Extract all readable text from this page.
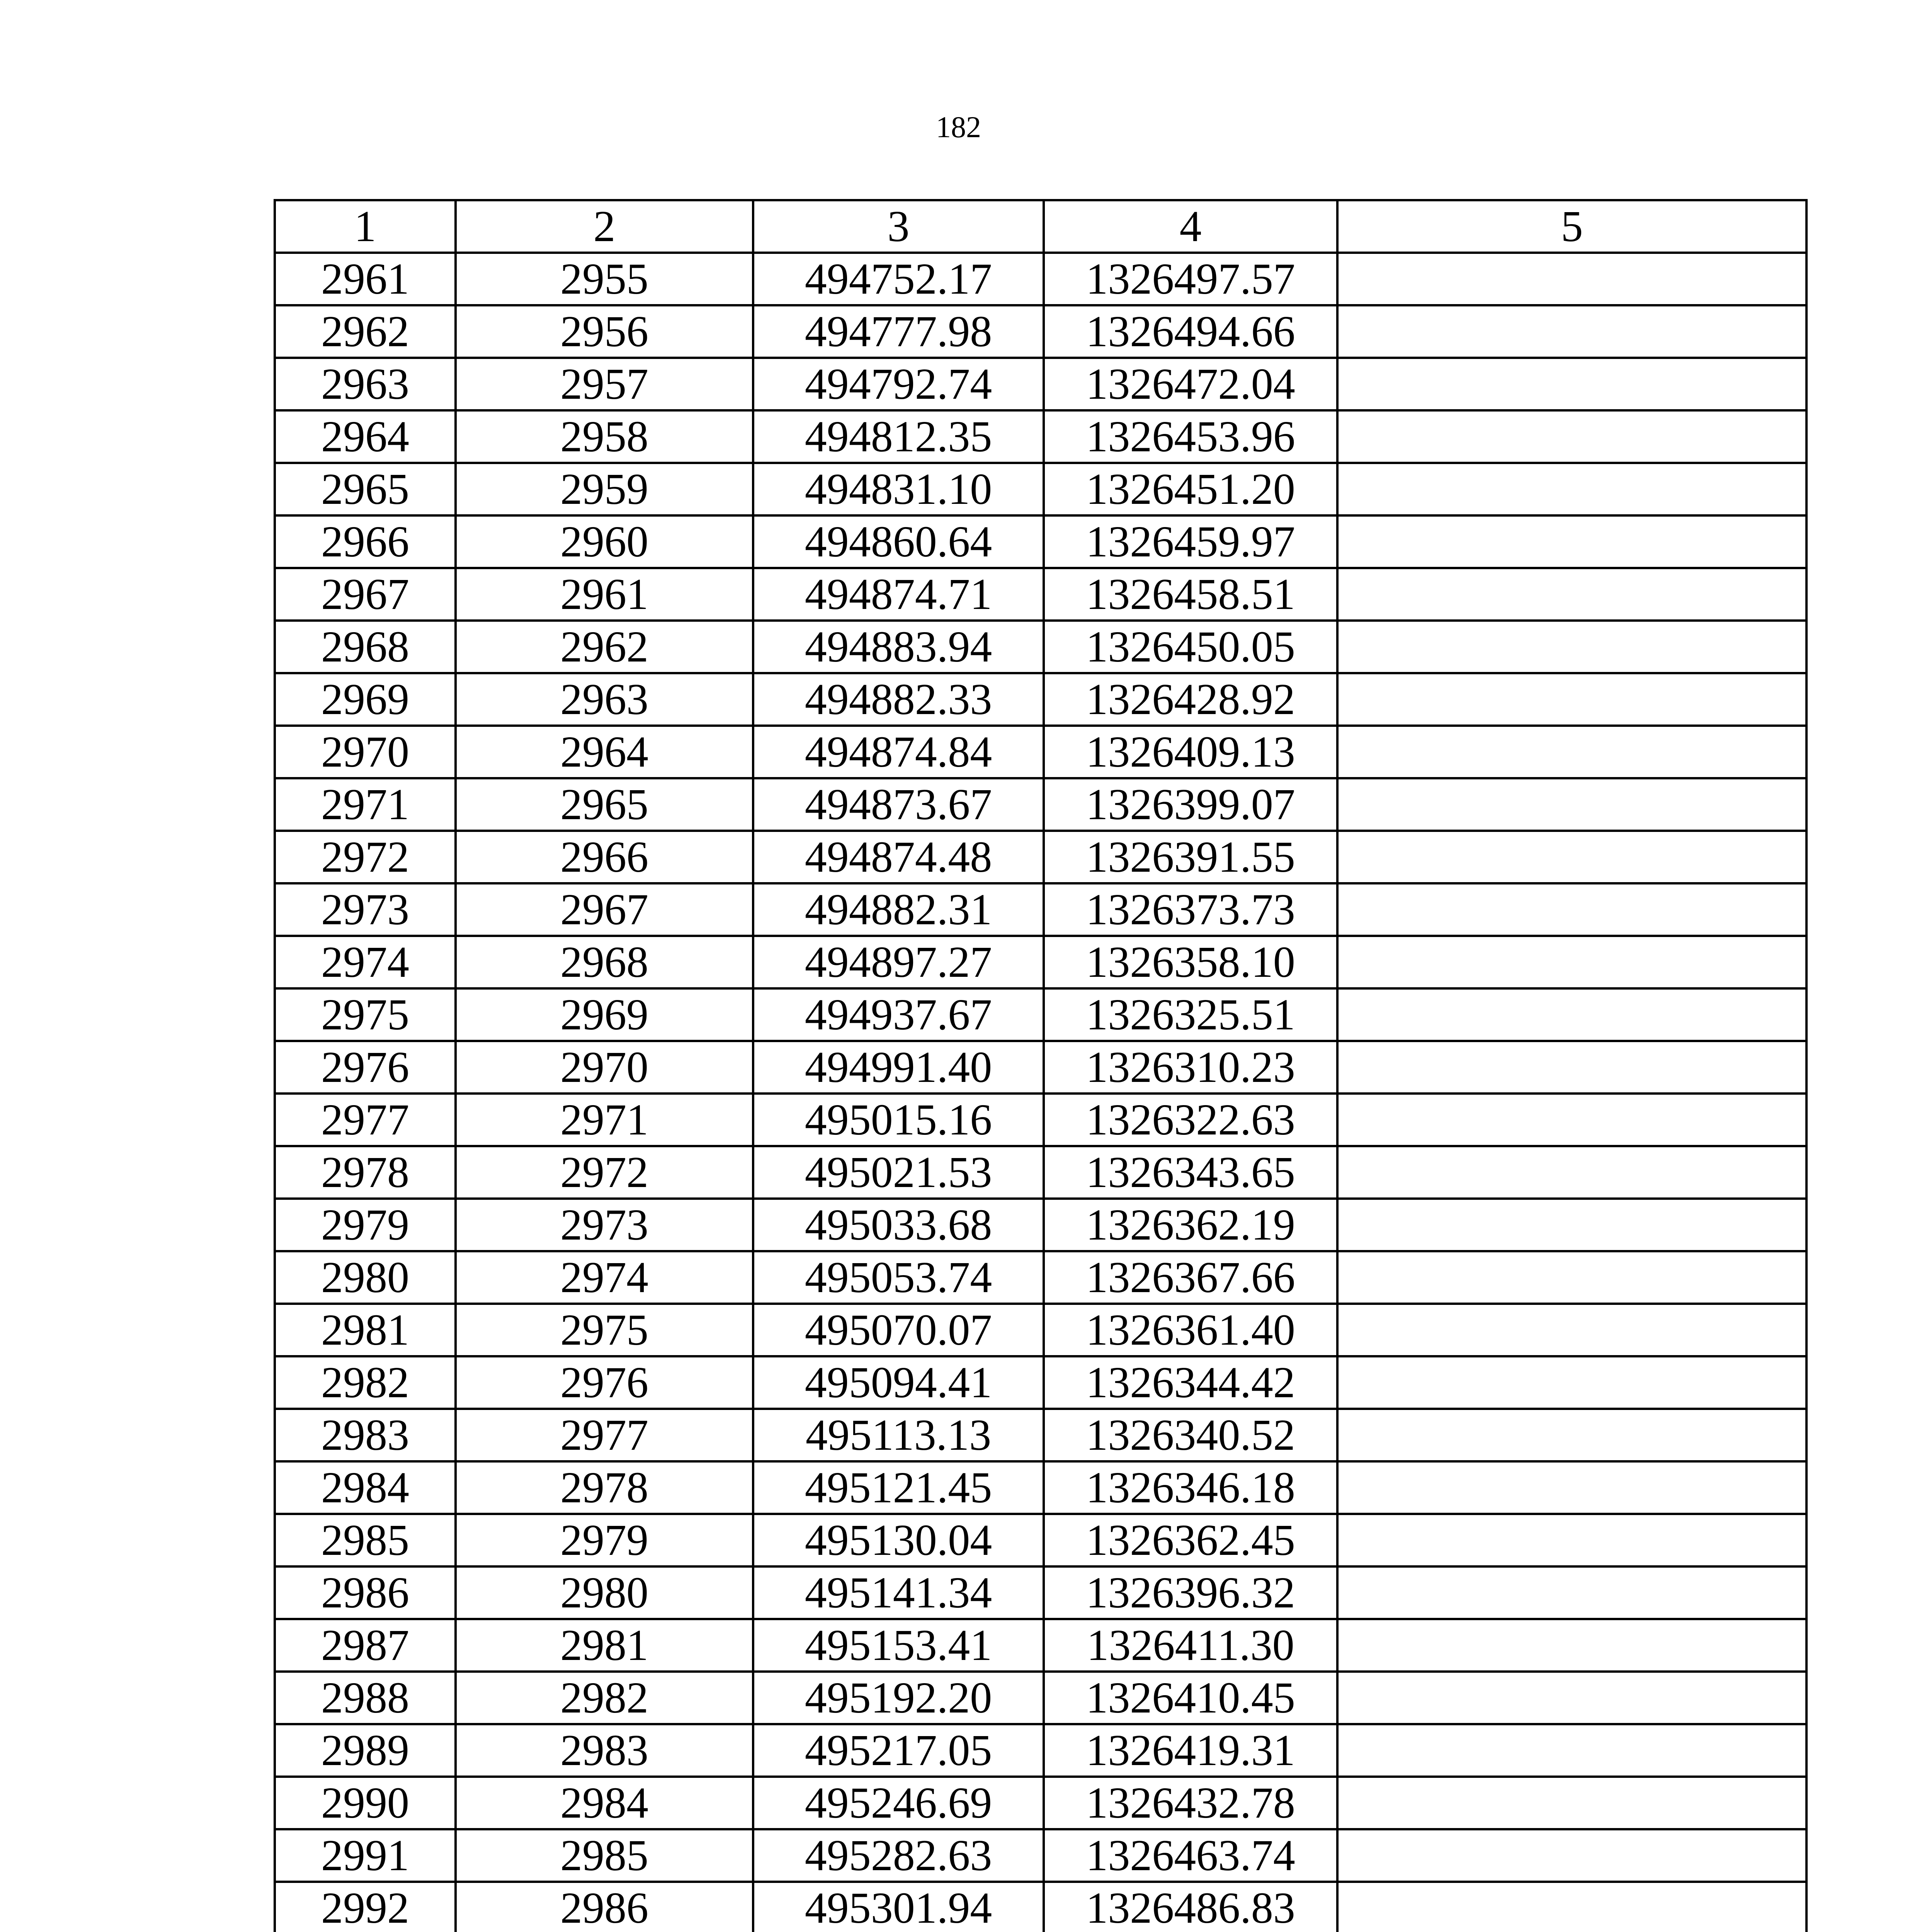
182
1	2	3	4	5
2961	2955	494752.17	1326497.57	
2962	2956	494777.98	1326494.66	
2963	2957	494792.74	1326472.04	
2964	2958	494812.35	1326453.96	
2965	2959	494831.10	1326451.20	
2966	2960	494860.64	1326459.97	
2967	2961	494874.71	1326458.51	
2968	2962	494883.94	1326450.05	
2969	2963	494882.33	1326428.92	
2970	2964	494874.84	1326409.13	
2971	2965	494873.67	1326399.07	
2972	2966	494874.48	1326391.55	
2973	2967	494882.31	1326373.73	
2974	2968	494897.27	1326358.10	
2975	2969	494937.67	1326325.51	
2976	2970	494991.40	1326310.23	
2977	2971	495015.16	1326322.63	
2978	2972	495021.53	1326343.65	
2979	2973	495033.68	1326362.19	
2980	2974	495053.74	1326367.66	
2981	2975	495070.07	1326361.40	
2982	2976	495094.41	1326344.42	
2983	2977	495113.13	1326340.52	
2984	2978	495121.45	1326346.18	
2985	2979	495130.04	1326362.45	
2986	2980	495141.34	1326396.32	
2987	2981	495153.41	1326411.30	
2988	2982	495192.20	1326410.45	
2989	2983	495217.05	1326419.31	
2990	2984	495246.69	1326432.78	
2991	2985	495282.63	1326463.74	
2992	2986	495301.94	1326486.83	
